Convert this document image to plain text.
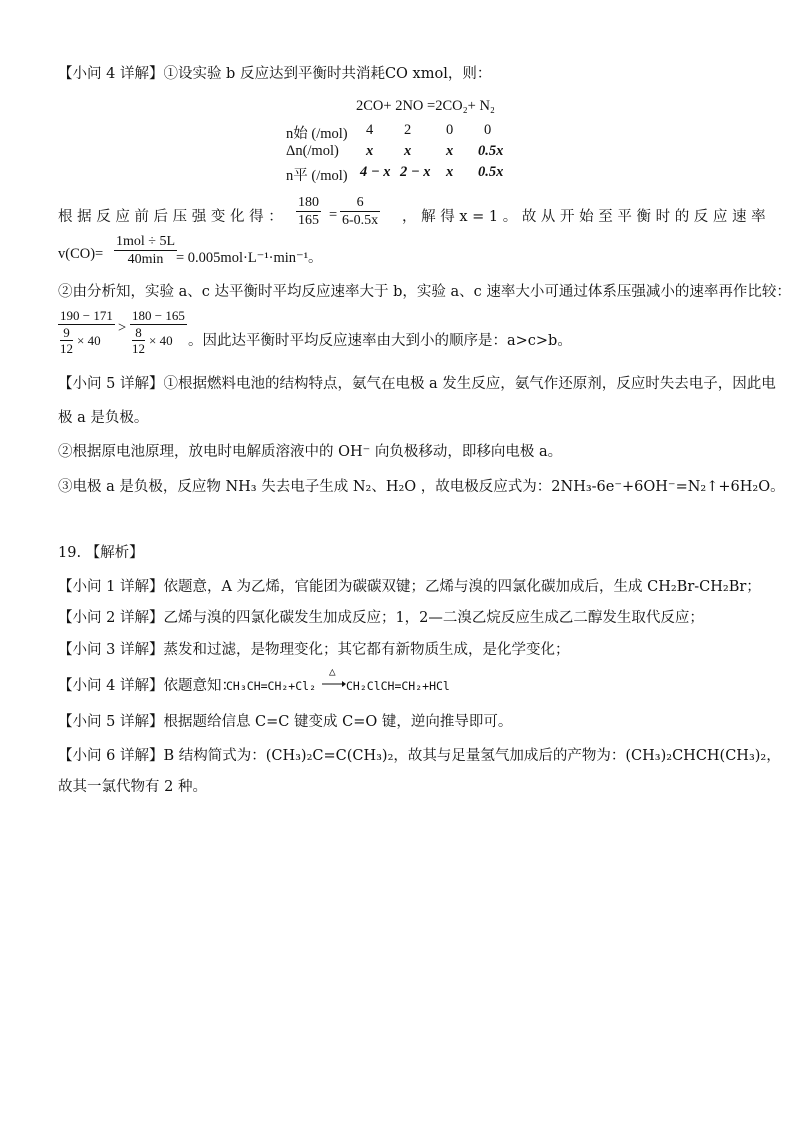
【小问 4 详解】①设实验 b 反应达到平衡时共消耗CO xmol，则：
2CO+ 2NO =2CO₂+ N₂
n始 (/mol) 4 2 0 0
Δn(/mol) x x x 0.5x
n平 (/mol) 4 − x 2 − x x 0.5x
根 据 反 应 前 后 压 强 变 化 得 ： $\frac{180}{165} = \frac{6}{6-0.5x}$ ， 解 得 x = 1 。 故 从 开 始 至 平 衡 时 的 反 应 速 率
v(CO)=
1mol ÷ 5L
40min = 0.005mol·L⁻¹·min⁻¹。
②由分析知，实验 a、c 达平衡时平均反应速率大于 b，实验 a、c 速率大小可通过体系压强减小的速率再作比较：
$\frac{190 - 171}{\frac{9}{12} \times 40} > \frac{180 - 165}{\frac{8}{12} \times 40}$ 。因此达平衡时平均反应速率由大到小的顺序是：a>c>b。
【小问 5 详解】①根据燃料电池的结构特点，氨气在电极 a 发生反应，氨气作还原剂，反应时失去电子，因此电
极 a 是负极。
②根据原电池原理，放电时电解质溶液中的 OH⁻ 向负极移动，即移向电极 a。
③电极 a 是负极，反应物 NH₃ 失去电子生成 N₂、H₂O ，故电极反应式为：2NH₃-6e⁻+6OH⁻=N₂↑+6H₂O。
19. 【解析】
【小问 1 详解】依题意，A 为乙烯，官能团为碳碳双键；乙烯与溴的四氯化碳加成后，生成 CH₂Br-CH₂Br；
【小问 2 详解】乙烯与溴的四氯化碳发生加成反应；1，2—二溴乙烷反应生成乙二醇发生取代反应；
【小问 3 详解】蒸发和过滤，是物理变化；其它都有新物质生成，是化学变化；
【小问 4 详解】依题意知：
CH₃CH=CH₂+Cl₂
△
CH₂ClCH=CH₂+HCl
【小问 5 详解】根据题给信息 C=C 键变成 C=O 键，逆向推导即可。
【小问 6 详解】B 结构简式为：(CH₃)₂C=C(CH₃)₂，故其与足量氢气加成后的产物为：(CH₃)₂CHCH(CH₃)₂，
故其一氯代物有 2 种。
